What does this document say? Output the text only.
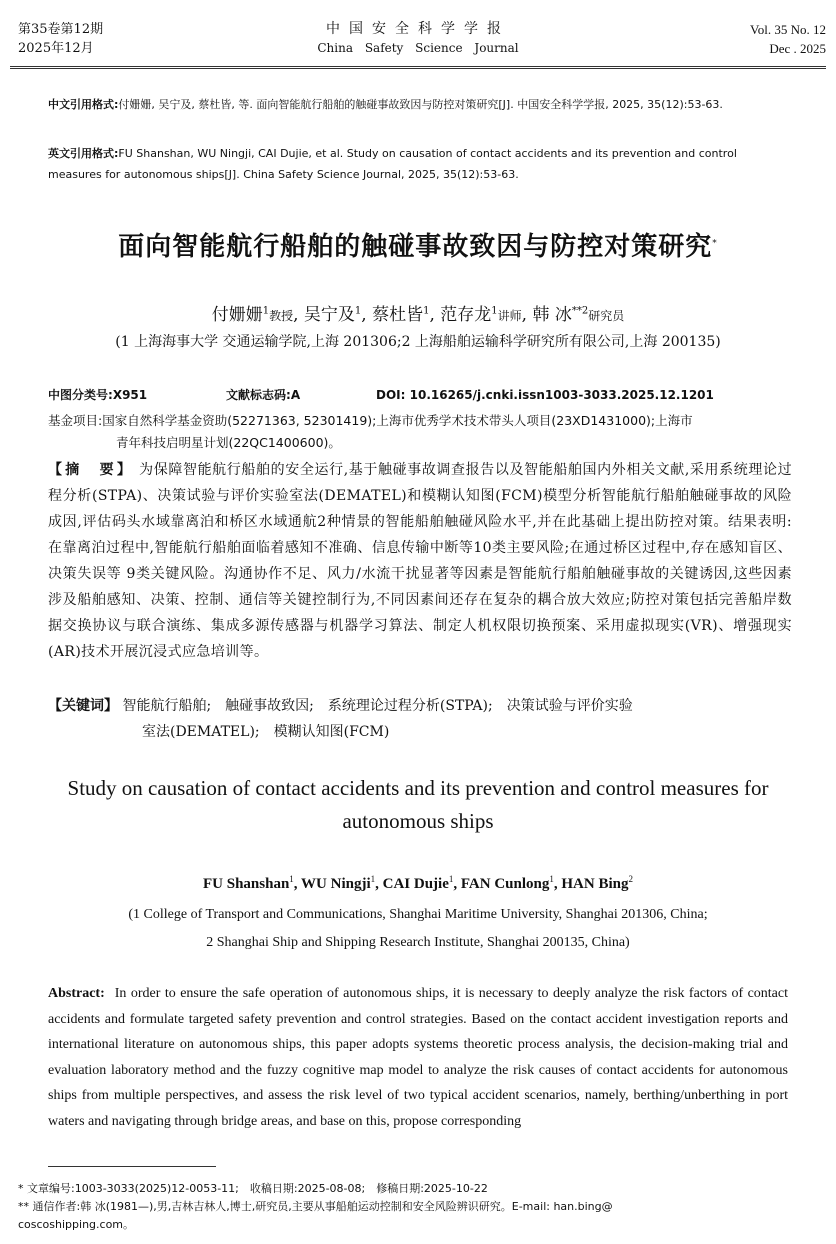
第35卷第12期
2025年12月
中国安全科学学报
China Safety Science Journal
Vol. 35 No. 12
Dec . 2025
中文引用格式:付姗姗, 吴宁及, 蔡杜皆, 等. 面向智能航行船舶的触碰事故致因与防控对策研究[J]. 中国安全科学学报, 2025, 35(12):53-63.
英文引用格式:FU Shanshan, WU Ningji, CAI Dujie, et al. Study on causation of contact accidents and its prevention and control measures for autonomous ships[J]. China Safety Science Journal, 2025, 35(12):53-63.
面向智能航行船舶的触碰事故致因与防控对策研究*
付姗姗$^1$教授, 吴宁及$^1$, 蔡杜皆$^1$, 范存龙$^1$讲师, 韩 冰$^{**2}$研究员
(1 上海海事大学 交通运输学院,上海 201306;2 上海船舶运输科学研究所有限公司,上海 200135)
中图分类号:X951	文献标志码:A	DOI: 10.16265/j.cnki.issn1003-3033.2025.12.1201
基金项目:国家自然科学基金资助(52271363, 52301419);上海市优秀学术技术带头人项目(23XD1431000);上海市
青年科技启明星计划(22QC1400600)。
【摘　要】 为保障智能航行船舶的安全运行,基于触碰事故调查报告以及智能船舶国内外相关文献,采用系统理论过程分析(STPA)、决策试验与评价实验室法(DEMATEL)和模糊认知图(FCM)模型分析智能航行船舶触碰事故的风险成因,评估码头水域靠离泊和桥区水域通航2种情景的智能船舶触碰风险水平,并在此基础上提出防控对策。结果表明:在靠离泊过程中,智能航行船舶面临着感知不准确、信息传输中断等10类主要风险;在通过桥区过程中,存在感知盲区、决策失误等 9类关键风险。沟通协作不足、风力/水流干扰显著等因素是智能航行船舶触碰事故的关键诱因,这些因素涉及船舶感知、决策、控制、通信等关键控制行为,不同因素间还存在复杂的耦合放大效应;防控对策包括完善船岸数据交换协议与联合演练、集成多源传感器与机器学习算法、制定人机权限切换预案、采用虚拟现实(VR)、增强现实(AR)技术开展沉浸式应急培训等。
【关键词】 智能航行船舶;　触碰事故致因;　系统理论过程分析(STPA);　决策试验与评价实验
室法(DEMATEL);　模糊认知图(FCM)
Study on causation of contact accidents and its prevention and control measures for autonomous ships
FU Shanshan$^1$, WU Ningji$^1$, CAI Dujie$^1$, FAN Cunlong$^1$, HAN Bing$^2$
(1 College of Transport and Communications, Shanghai Maritime University, Shanghai 201306, China;
2 Shanghai Ship and Shipping Research Institute, Shanghai 200135, China)
Abstract: In order to ensure the safe operation of autonomous ships, it is necessary to deeply analyze the risk factors of contact accidents and formulate targeted safety prevention and control strategies. Based on the contact accident investigation reports and international literature on autonomous ships, this paper adopts systems theoretic process analysis, the decision-making trial and evaluation laboratory method and the fuzzy cognitive map model to analyze the risk causes of contact accidents for autonomous ships from multiple perspectives, and assess the risk level of two typical accident scenarios, namely, berthing/unberthing in port waters and navigating through bridge areas, and base on this, propose corresponding
* 文章编号:1003-3033(2025)12-0053-11;　收稿日期:2025-08-08;　修稿日期:2025-10-22
** 通信作者:韩 冰(1981—),男,吉林吉林人,博士,研究员,主要从事船舶运动控制和安全风险辨识研究。E-mail: han.bing@
coscoshipping.com。
